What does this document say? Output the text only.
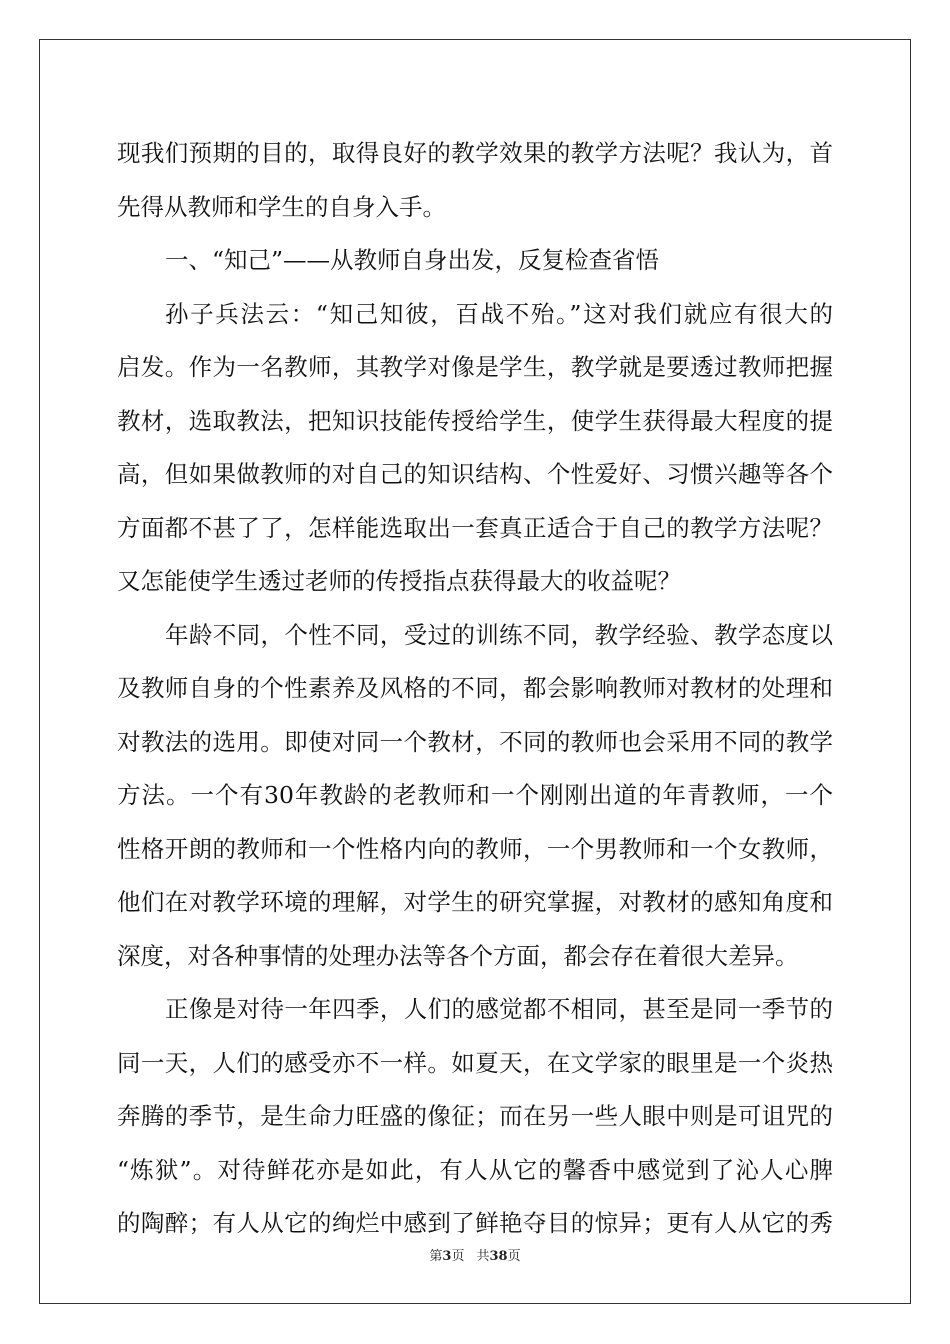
现我们预期的目的，取得良好的教学效果的教学方法呢？我认为，首
先得从教师和学生的自身入手。
一、“知己”——从教师自身出发，反复检查省悟
孙子兵法云：“知己知彼，百战不殆。”这对我们就应有很大的
启发。作为一名教师，其教学对像是学生，教学就是要透过教师把握
教材，选取教法，把知识技能传授给学生，使学生获得最大程度的提
高，但如果做教师的对自己的知识结构、个性爱好、习惯兴趣等各个
方面都不甚了了，怎样能选取出一套真正适合于自己的教学方法呢？
又怎能使学生透过老师的传授指点获得最大的收益呢？
年龄不同，个性不同，受过的训练不同，教学经验、教学态度以
及教师自身的个性素养及风格的不同，都会影响教师对教材的处理和
对教法的选用。即使对同一个教材，不同的教师也会采用不同的教学
方法。一个有30年教龄的老教师和一个刚刚出道的年青教师，一个
性格开朗的教师和一个性格内向的教师，一个男教师和一个女教师，
他们在对教学环境的理解，对学生的研究掌握，对教材的感知角度和
深度，对各种事情的处理办法等各个方面，都会存在着很大差异。
正像是对待一年四季，人们的感觉都不相同，甚至是同一季节的
同一天，人们的感受亦不一样。如夏天，在文学家的眼里是一个炎热
奔腾的季节，是生命力旺盛的像征；而在另一些人眼中则是可诅咒的
“炼狱”。对待鲜花亦是如此，有人从它的馨香中感觉到了沁人心脾
的陶醉；有人从它的绚烂中感到了鲜艳夺目的惊异；更有人从它的秀
第3页 共38页
